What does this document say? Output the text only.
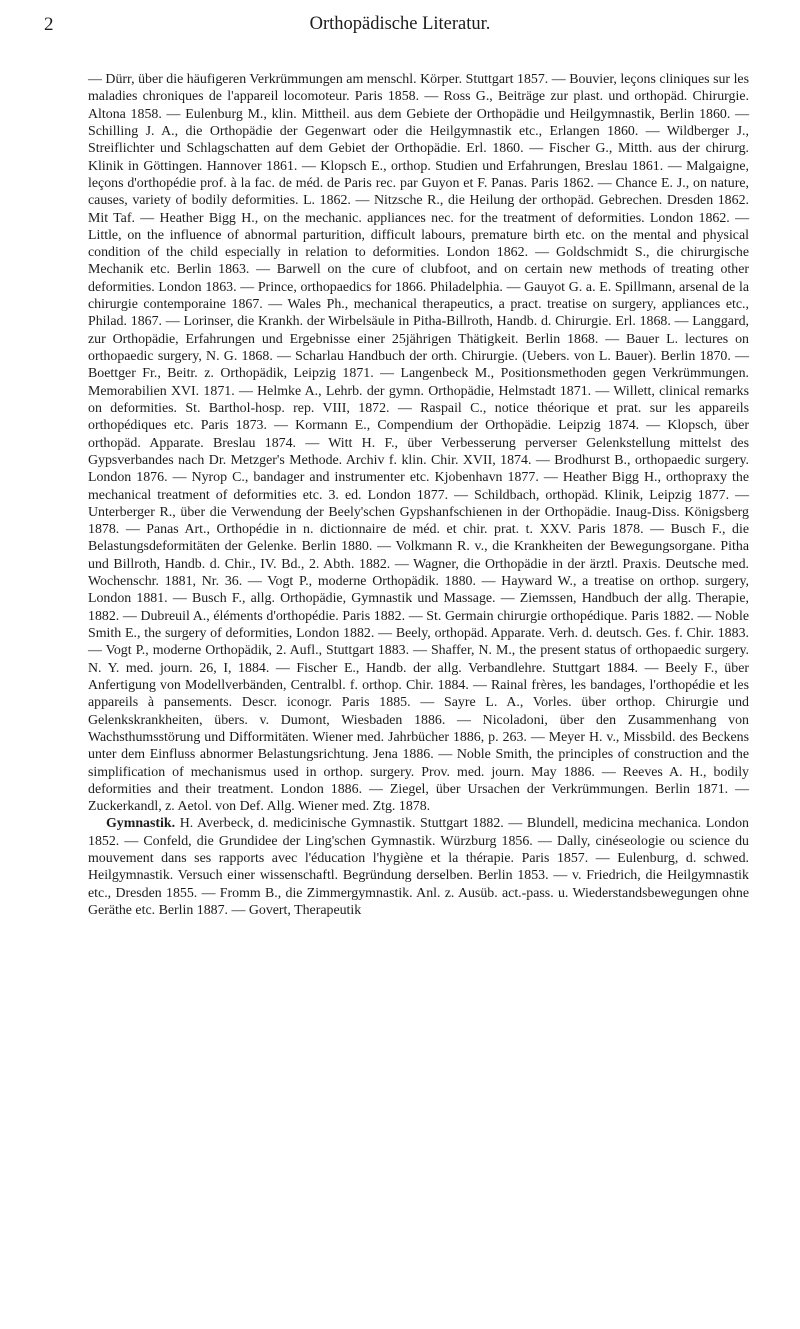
2	Orthopädische Literatur.

— Dürr, über die häufigeren Verkrümmungen am menschl. Körper. Stuttgart 1857. — Bouvier, leçons cliniques sur les maladies chroniques de l'appareil locomoteur. Paris 1858. — Ross G., Beiträge zur plast. und orthopäd. Chirurgie. Altona 1858. — Eulenburg M., klin. Mittheil. aus dem Gebiete der Orthopädie und Heilgymnastik, Berlin 1860. — Schilling J. A., die Orthopädie der Gegenwart oder die Heilgymnastik etc., Erlangen 1860. — Wildberger J., Streiflichter und Schlagschatten auf dem Gebiet der Orthopädie. Erl. 1860. — Fischer G., Mitth. aus der chirurg. Klinik in Göttingen. Hannover 1861. — Klopsch E., orthop. Studien und Erfahrungen, Breslau 1861. — Malgaigne, leçons d'orthopédie prof. à la fac. de méd. de Paris rec. par Guyon et F. Panas. Paris 1862. — Chance E. J., on nature, causes, variety of bodily deformities. L. 1862. — Nitzsche R., die Heilung der orthopäd. Gebrechen. Dresden 1862. Mit Taf. — Heather Bigg H., on the mechanic. appliances nec. for the treatment of deformities. London 1862. — Little, on the influence of abnormal parturition, difficult labours, premature birth etc. on the mental and physical condition of the child especially in relation to deformities. London 1862. — Goldschmidt S., die chirurgische Mechanik etc. Berlin 1863. — Barwell on the cure of clubfoot, and on certain new methods of treating other deformities. London 1863. — Prince, orthopaedics for 1866. Philadelphia. — Gauyot G. a. E. Spillmann, arsenal de la chirurgie contemporaine 1867. — Wales Ph., mechanical therapeutics, a pract. treatise on surgery, appliances etc., Philad. 1867. — Lorinser, die Krankh. der Wirbelsäule in Pitha-Billroth, Handb. d. Chirurgie. Erl. 1868. — Langgard, zur Orthopädie, Erfahrungen und Ergebnisse einer 25jährigen Thätigkeit. Berlin 1868. — Bauer L. lectures on orthopaedic surgery, N. G. 1868. — Scharlau Handbuch der orth. Chirurgie. (Uebers. von L. Bauer). Berlin 1870. — Boettger Fr., Beitr. z. Orthopädik, Leipzig 1871. — Langenbeck M., Positionsmethoden gegen Verkrümmungen. Memorabilien XVI. 1871. — Helmke A., Lehrb. der gymn. Orthopädie, Helmstadt 1871. — Willett, clinical remarks on deformities. St. Barthol-hosp. rep. VIII, 1872. — Raspail C., notice théorique et prat. sur les appareils orthopédiques etc. Paris 1873. — Kormann E., Compendium der Orthopädie. Leipzig 1874. — Klopsch, über orthopäd. Apparate. Breslau 1874. — Witt H. F., über Verbesserung perverser Gelenkstellung mittelst des Gypsverbandes nach Dr. Metzger's Methode. Archiv f. klin. Chir. XVII, 1874. — Brodhurst B., orthopaedic surgery. London 1876. — Nyrop C., bandager and instrumenter etc. Kjobenhavn 1877. — Heather Bigg H., orthopraxy the mechanical treatment of deformities etc. 3. ed. London 1877. — Schildbach, orthopäd. Klinik, Leipzig 1877. — Unterberger R., über die Verwendung der Beely'schen Gypshanfschienen in der Orthopädie. Inaug-Diss. Königsberg 1878. — Panas Art., Orthopédie in n. dictionnaire de méd. et chir. prat. t. XXV. Paris 1878. — Busch F., die Belastungsdeformitäten der Gelenke. Berlin 1880. — Volkmann R. v., die Krankheiten der Bewegungsorgane. Pitha und Billroth, Handb. d. Chir., IV. Bd., 2. Abth. 1882. — Wagner, die Orthopädie in der ärztl. Praxis. Deutsche med. Wochenschr. 1881, Nr. 36. — Vogt P., moderne Orthopädik. 1880. — Hayward W., a treatise on orthop. surgery, London 1881. — Busch F., allg. Orthopädie, Gymnastik und Massage. — Ziemssen, Handbuch der allg. Therapie, 1882. — Dubreuil A., éléments d'orthopédie. Paris 1882. — St. Germain chirurgie orthopédique. Paris 1882. — Noble Smith E., the surgery of deformities, London 1882. — Beely, orthopäd. Apparate. Verh. d. deutsch. Ges. f. Chir. 1883. — Vogt P., moderne Orthopädik, 2. Aufl., Stuttgart 1883. — Shaffer, N. M., the present status of orthopaedic surgery. N. Y. med. journ. 26, I, 1884. — Fischer E., Handb. der allg. Verbandlehre. Stuttgart 1884. — Beely F., über Anfertigung von Modellverbänden, Centralbl. f. orthop. Chir. 1884. — Rainal frères, les bandages, l'orthopédie et les appareils à pansements. Descr. iconogr. Paris 1885. — Sayre L. A., Vorles. über orthop. Chirurgie und Gelenkskrankheiten, übers. v. Dumont, Wiesbaden 1886. — Nicoladoni, über den Zusammenhang von Wachsthumsstörung und Difformitäten. Wiener med. Jahrbücher 1886, p. 263. — Meyer H. v., Missbild. des Beckens unter dem Einfluss abnormer Belastungsrichtung. Jena 1886. — Noble Smith, the principles of construction and the simplification of mechanismus used in orthop. surgery. Prov. med. journ. May 1886. — Reeves A. H., bodily deformities and their treatment. London 1886. — Ziegel, über Ursachen der Verkrümmungen. Berlin 1871. — Zuckerkandl, z. Aetol. von Def. Allg. Wiener med. Ztg. 1878.

Gymnastik. H. Averbeck, d. medicinische Gymnastik. Stuttgart 1882. — Blundell, medicina mechanica. London 1852. — Confeld, die Grundidee der Ling'schen Gymnastik. Würzburg 1856. — Dally, cinéseologie ou science du mouvement dans ses rapports avec l'éducation l'hygiène et la thérapie. Paris 1857. — Eulenburg, d. schwed. Heilgymnastik. Versuch einer wissenschaftl. Begründung derselben. Berlin 1853. — v. Friedrich, die Heilgymnastik etc., Dresden 1855. — Fromm B., die Zimmergymnastik. Anl. z. Ausüb. act.-pass. u. Wiederstandsbewegungen ohne Geräthe etc. Berlin 1887. — Govert, Therapeutik
